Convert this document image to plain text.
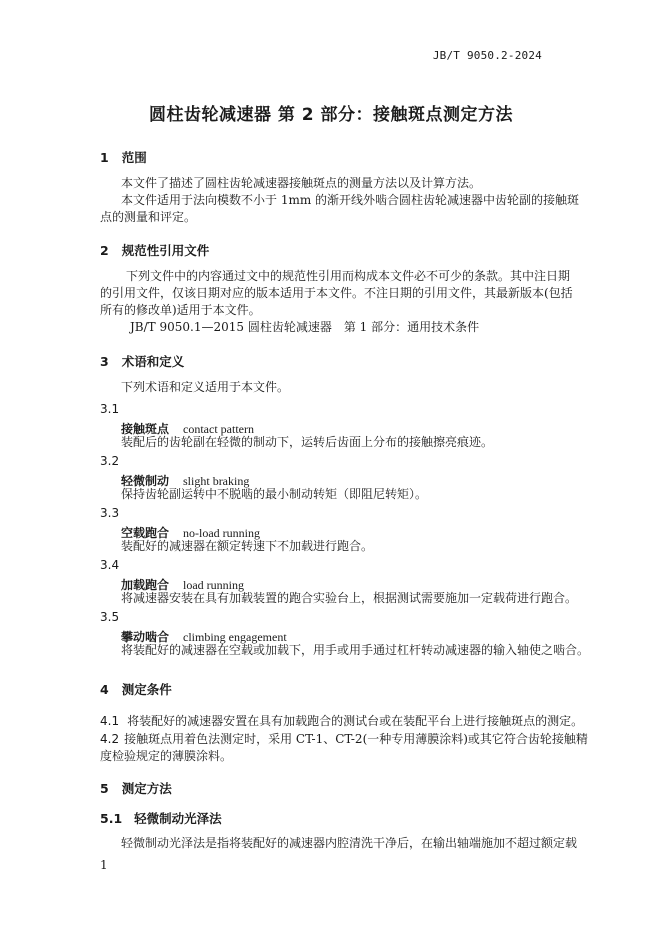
JB/T 9050.2-2024
圆柱齿轮减速器 第 2 部分：接触斑点测定方法
1 范围
本文件了描述了圆柱齿轮减速器接触斑点的测量方法以及计算方法。
本文件适用于法向模数不小于 1mm 的渐开线外啮合圆柱齿轮减速器中齿轮副的接触斑
点的测量和评定。
2 规范性引用文件
下列文件中的内容通过文中的规范性引用而构成本文件必不可少的条款。其中注日期
的引用文件，仅该日期对应的版本适用于本文件。不注日期的引用文件，其最新版本(包括
所有的修改单)适用于本文件。
JB/T 9050.1—2015 圆柱齿轮减速器　第 1 部分：通用技术条件
3 术语和定义
下列术语和定义适用于本文件。
3.1
接触斑点 contact pattern
装配后的齿轮副在轻微的制动下，运转后齿面上分布的接触擦亮痕迹。
3.2
轻微制动 slight braking
保持齿轮副运转中不脱啮的最小制动转矩（即阻尼转矩）。
3.3
空载跑合 no-load running
装配好的减速器在额定转速下不加载进行跑合。
3.4
加载跑合 load running
将减速器安装在具有加载装置的跑合实验台上，根据测试需要施加一定载荷进行跑合。
3.5
攀动啮合 climbing engagement
将装配好的减速器在空载或加载下，用手或用手通过杠杆转动减速器的输入轴使之啮合。
4 测定条件
4.1 将装配好的减速器安置在具有加载跑合的测试台或在装配平台上进行接触斑点的测定。
4.2 接触斑点用着色法测定时，采用 CT-1、CT-2(一种专用薄膜涂料)或其它符合齿轮接触精
度检验规定的薄膜涂料。
5 测定方法
5.1 轻微制动光泽法
轻微制动光泽法是指将装配好的减速器内腔清洗干净后，在输出轴端施加不超过额定载
1
